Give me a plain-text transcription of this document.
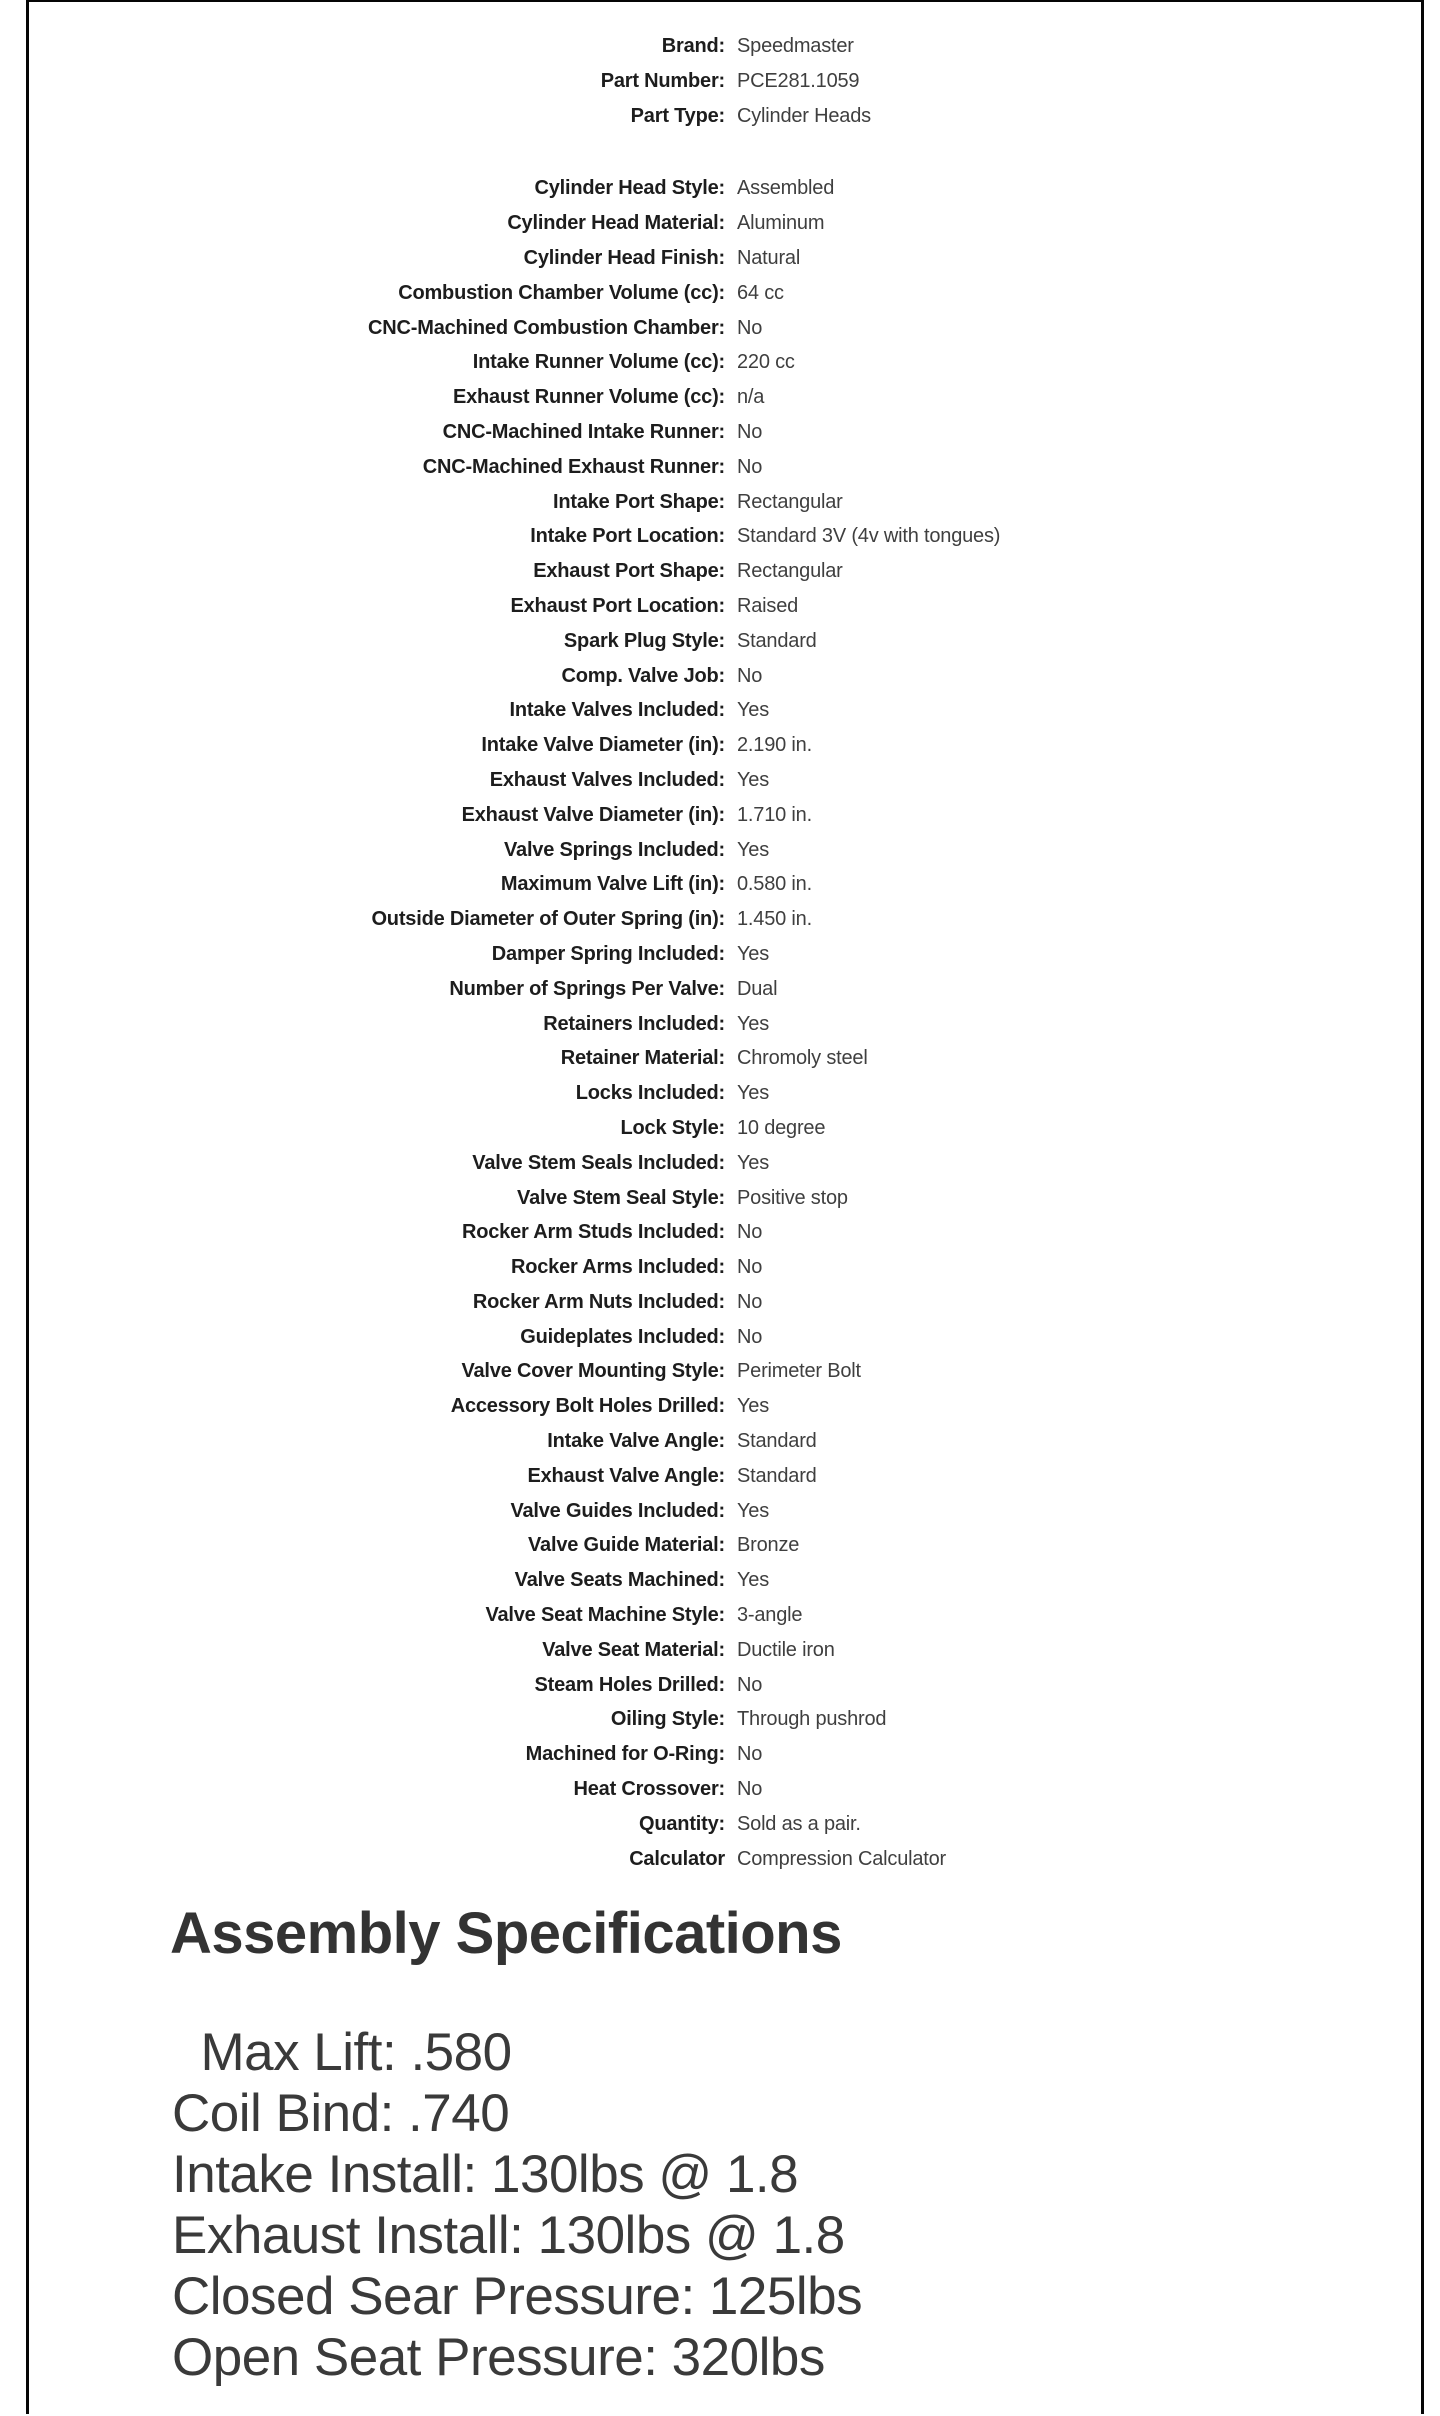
Brand: Speedmaster
Part Number: PCE281.1059
Part Type: Cylinder Heads
Cylinder Head Style: Assembled
Cylinder Head Material: Aluminum
Cylinder Head Finish: Natural
Combustion Chamber Volume (cc): 64 cc
CNC-Machined Combustion Chamber: No
Intake Runner Volume (cc): 220 cc
Exhaust Runner Volume (cc): n/a
CNC-Machined Intake Runner: No
CNC-Machined Exhaust Runner: No
Intake Port Shape: Rectangular
Intake Port Location: Standard 3V (4v with tongues)
Exhaust Port Shape: Rectangular
Exhaust Port Location: Raised
Spark Plug Style: Standard
Comp. Valve Job: No
Intake Valves Included: Yes
Intake Valve Diameter (in): 2.190 in.
Exhaust Valves Included: Yes
Exhaust Valve Diameter (in): 1.710 in.
Valve Springs Included: Yes
Maximum Valve Lift (in): 0.580 in.
Outside Diameter of Outer Spring (in): 1.450 in.
Damper Spring Included: Yes
Number of Springs Per Valve: Dual
Retainers Included: Yes
Retainer Material: Chromoly steel
Locks Included: Yes
Lock Style: 10 degree
Valve Stem Seals Included: Yes
Valve Stem Seal Style: Positive stop
Rocker Arm Studs Included: No
Rocker Arms Included: No
Rocker Arm Nuts Included: No
Guideplates Included: No
Valve Cover Mounting Style: Perimeter Bolt
Accessory Bolt Holes Drilled: Yes
Intake Valve Angle: Standard
Exhaust Valve Angle: Standard
Valve Guides Included: Yes
Valve Guide Material: Bronze
Valve Seats Machined: Yes
Valve Seat Machine Style: 3-angle
Valve Seat Material: Ductile iron
Steam Holes Drilled: No
Oiling Style: Through pushrod
Machined for O-Ring: No
Heat Crossover: No
Quantity: Sold as a pair.
Calculator Compression Calculator
Assembly Specifications
Max Lift: .580
Coil Bind: .740
Intake Install: 130lbs @ 1.8
Exhaust Install: 130lbs @ 1.8
Closed Sear Pressure: 125lbs
Open Seat Pressure: 320lbs
